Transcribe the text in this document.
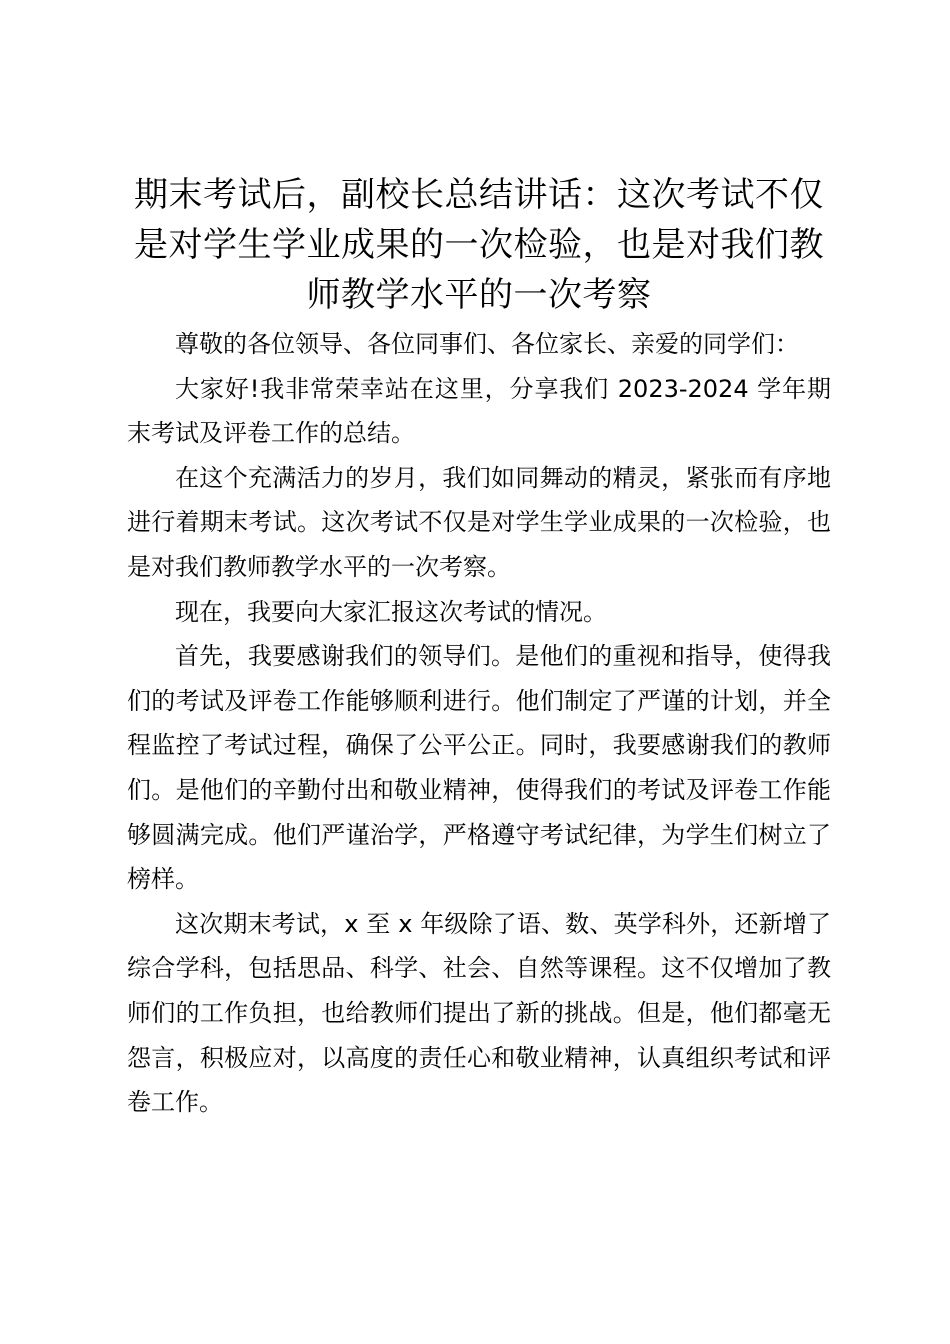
期末考试后，副校长总结讲话：这次考试不仅
是对学生学业成果的一次检验，也是对我们教
师教学水平的一次考察

尊敬的各位领导、各位同事们、各位家长、亲爱的同学们：

大家好!我非常荣幸站在这里，分享我们 2023-2024 学年期末考试及评卷工作的总结。

在这个充满活力的岁月，我们如同舞动的精灵，紧张而有序地进行着期末考试。这次考试不仅是对学生学业成果的一次检验，也是对我们教师教学水平的一次考察。

现在，我要向大家汇报这次考试的情况。

首先，我要感谢我们的领导们。是他们的重视和指导，使得我们的考试及评卷工作能够顺利进行。他们制定了严谨的计划，并全程监控了考试过程，确保了公平公正。同时，我要感谢我们的教师们。是他们的辛勤付出和敬业精神，使得我们的考试及评卷工作能够圆满完成。他们严谨治学，严格遵守考试纪律，为学生们树立了榜样。

这次期末考试，x 至 x 年级除了语、数、英学科外，还新增了综合学科，包括思品、科学、社会、自然等课程。这不仅增加了教师们的工作负担，也给教师们提出了新的挑战。但是，他们都毫无怨言，积极应对，以高度的责任心和敬业精神，认真组织考试和评卷工作。
